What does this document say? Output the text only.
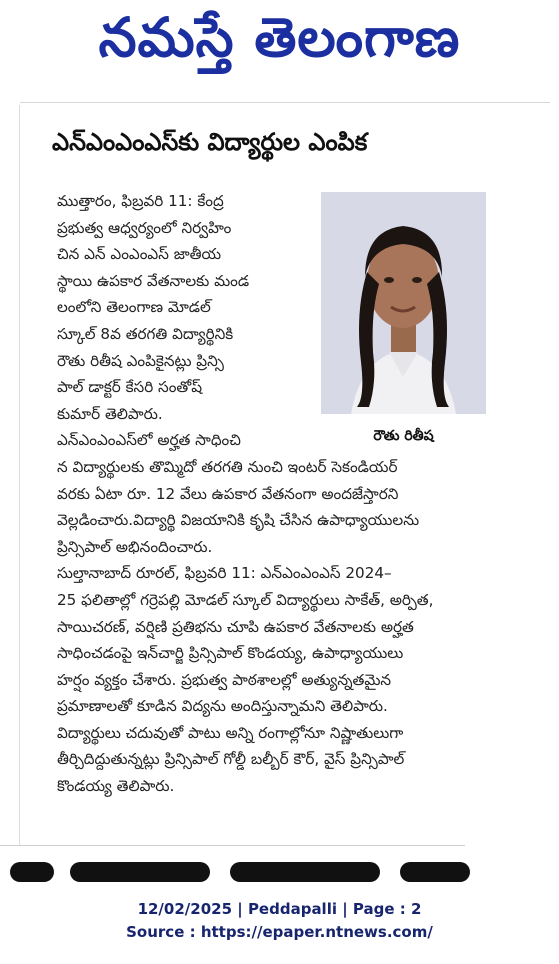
నమస్తే తెలంగాణ
ఎన్ఎంఎంఎస్‌కు విద్యార్థుల ఎంపిక
ముత్తారం, ఫిబ్రవరి 11: కేంద్ర
ప్రభుత్వ ఆధ్వర్యంలో నిర్వహిం
చిన ఎన్ ఎంఎంఎస్ జాతీయ
స్థాయి ఉపకార వేతనాలకు మండ
లంలోని తెలంగాణ మోడల్
స్కూల్ 8వ తరగతి విద్యార్థినికి
రౌతు రితీష ఎంపికైనట్లు ప్రిన్సి
పాల్ డాక్టర్ కేసరి సంతోష్
కుమార్ తెలిపారు.
ఎన్ఎంఎంఎస్‌లో అర్హత సాధించి
న విద్యార్థులకు తొమ్మిదో తరగతి నుంచి ఇంటర్ సెకండియర్
వరకు ఏటా రూ. 12 వేలు ఉపకార వేతనంగా అందజేస్తారని
వెల్లడించారు.విద్యార్థి విజయానికి కృషి చేసిన ఉపాధ్యాయులను
ప్రిన్సిపాల్ అభినందించారు.
సుల్తానాబాద్ రూరల్, ఫిబ్రవరి 11: ఎన్ఎంఎంఎస్ 2024–
25 ఫలితాల్లో గర్రెపల్లి మోడల్ స్కూల్ విద్యార్థులు సాకేత్, అర్పిత,
సాయిచరణ్, వర్షిణి ప్రతిభను చూపి ఉపకార వేతనాలకు అర్హత
సాధించడంపై ఇన్‌చార్జి ప్రిన్సిపాల్ కొండయ్య, ఉపాధ్యాయులు
హర్షం వ్యక్తం చేశారు. ప్రభుత్వ పాఠశాలల్లో అత్యున్నతమైన
ప్రమాణాలతో కూడిన విద్యను అందిస్తున్నామని తెలిపారు.
విద్యార్థులు చదువుతో పాటు అన్ని రంగాల్లోనూ నిష్ణాతులుగా
తీర్చిదిద్దుతున్నట్లు ప్రిన్సిపాల్ గోల్డీ బల్బీర్ కౌర్, వైస్ ప్రిన్సిపాల్
కొండయ్య తెలిపారు.
రౌతు రితీష
12/02/2025 | Peddapalli | Page : 2
Source : https://epaper.ntnews.com/
